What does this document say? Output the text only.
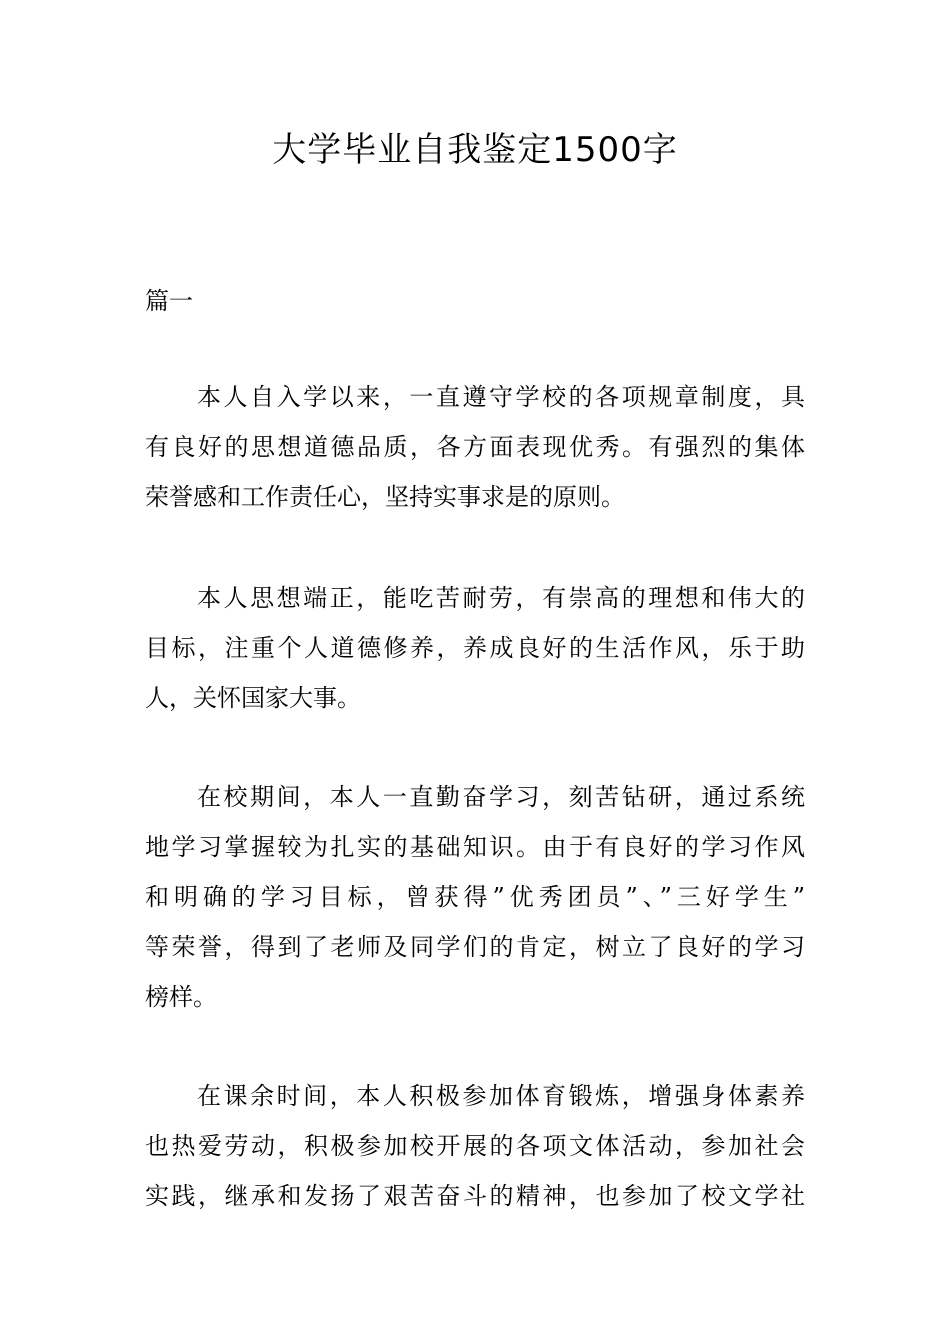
大学毕业自我鉴定1500字
篇一
本人自入学以来，一直遵守学校的各项规章制度，具
有良好的思想道德品质，各方面表现优秀。有强烈的集体
荣誉感和工作责任心，坚持实事求是的原则。
本人思想端正，能吃苦耐劳，有崇高的理想和伟大的
目标，注重个人道德修养，养成良好的生活作风，乐于助
人，关怀国家大事。
在校期间，本人一直勤奋学习，刻苦钻研，通过系统
地学习掌握较为扎实的基础知识。由于有良好的学习作风
和明确的学习目标，曾获得”优秀团员”、”三好学生”
等荣誉，得到了老师及同学们的肯定，树立了良好的学习
榜样。
在课余时间，本人积极参加体育锻炼，增强身体素养
也热爱劳动，积极参加校开展的各项文体活动，参加社会
实践，继承和发扬了艰苦奋斗的精神，也参加了校文学社
